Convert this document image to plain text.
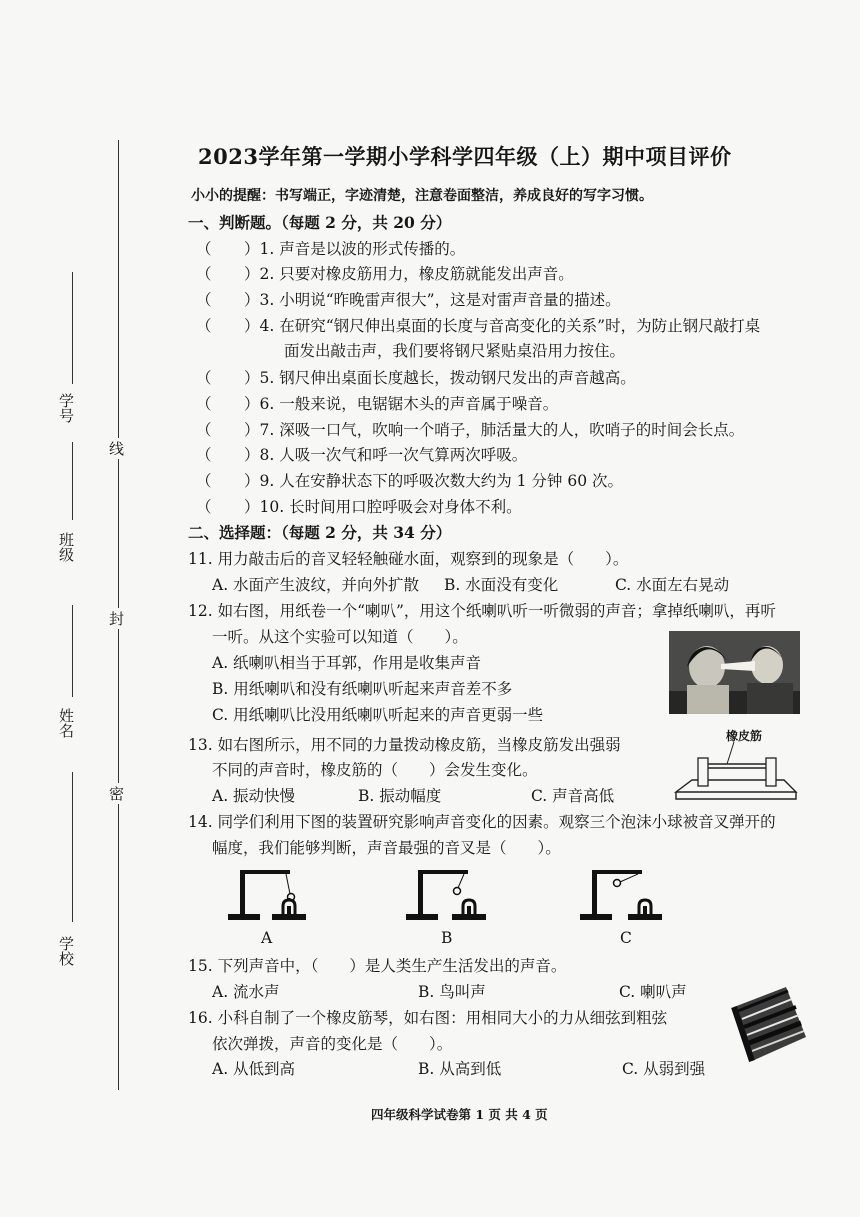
线
封
密
学号
班级
姓名
学校
2023学年第一学期小学科学四年级（上）期中项目评价
小小的提醒：书写端正，字迹清楚，注意卷面整洁，养成良好的写字习惯。
一、判断题。（每题 2 分，共 20 分）
（ ）1. 声音是以波的形式传播的。
（ ）2. 只要对橡皮筋用力，橡皮筋就能发出声音。
（ ）3. 小明说“昨晚雷声很大”，这是对雷声音量的描述。
（ ）4. 在研究“钢尺伸出桌面的长度与音高变化的关系”时，为防止钢尺敲打桌
面发出敲击声，我们要将钢尺紧贴桌沿用力按住。
（ ）5. 钢尺伸出桌面长度越长，拨动钢尺发出的声音越高。
（ ）6. 一般来说，电锯锯木头的声音属于噪音。
（ ）7. 深吸一口气，吹响一个哨子，肺活量大的人，吹哨子的时间会长点。
（ ）8. 人吸一次气和呼一次气算两次呼吸。
（ ）9. 人在安静状态下的呼吸次数大约为 1 分钟 60 次。
（ ）10. 长时间用口腔呼吸会对身体不利。
二、选择题：（每题 2 分，共 34 分）
11. 用力敲击后的音叉轻轻触碰水面，观察到的现象是（　　）。
A. 水面产生波纹，并向外扩散 B. 水面没有变化	C. 水面左右晃动
12. 如右图，用纸卷一个“喇叭”，用这个纸喇叭听一听微弱的声音；拿掉纸喇叭，再听
一听。从这个实验可以知道（　　）。
A. 纸喇叭相当于耳郭，作用是收集声音
B. 用纸喇叭和没有纸喇叭听起来声音差不多
C. 用纸喇叭比没用纸喇叭听起来的声音更弱一些
13. 如右图所示，用不同的力量拨动橡皮筋，当橡皮筋发出强弱
不同的声音时，橡皮筋的（　　）会发生变化。
A. 振动快慢	B. 振动幅度	C. 声音高低
橡皮筋
14. 同学们利用下图的装置研究影响声音变化的因素。观察三个泡沫小球被音叉弹开的
幅度，我们能够判断，声音最强的音叉是（　　）。
A	B	C
15. 下列声音中，（　　）是人类生产生活发出的声音。
A. 流水声	B. 鸟叫声	C. 喇叭声
16. 小科自制了一个橡皮筋琴，如右图：用相同大小的力从细弦到粗弦
依次弹拨，声音的变化是（　　）。
A. 从低到高	B. 从高到低	C. 从弱到强
四年级科学试卷第 1 页 共 4 页
